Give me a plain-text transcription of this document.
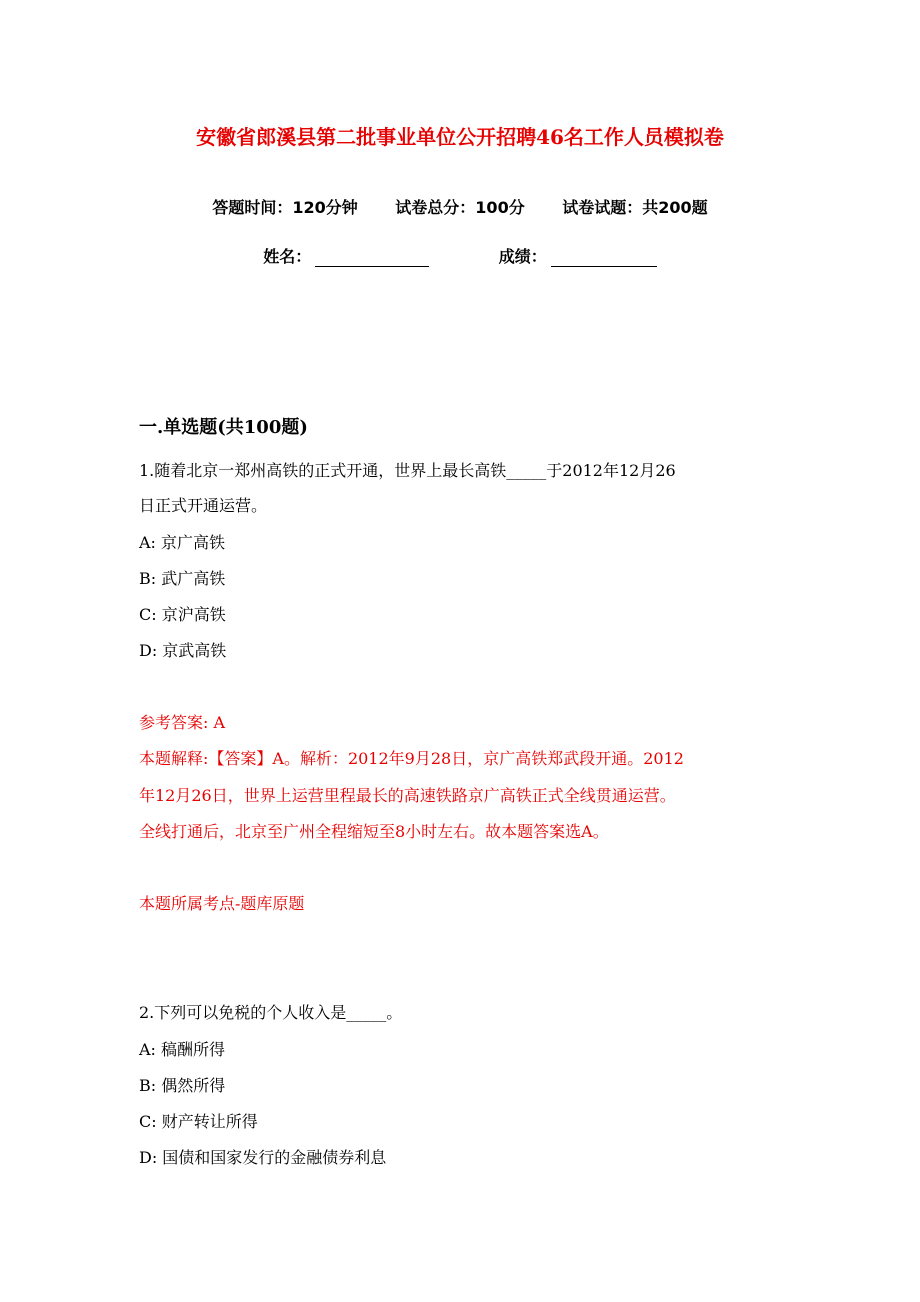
安徽省郎溪县第二批事业单位公开招聘46名工作人员模拟卷
答题时间：120分钟 试卷总分：100分 试卷试题：共200题
姓名：	成绩：
一.单选题(共100题)
1.随着北京一郑州高铁的正式开通，世界上最长高铁_____于2012年12月26
日正式开通运营。
A: 京广高铁
B: 武广高铁
C: 京沪高铁
D: 京武高铁
参考答案: A
本题解释:【答案】A。解析：2012年9月28日，京广高铁郑武段开通。2012
年12月26日，世界上运营里程最长的高速铁路京广高铁正式全线贯通运营。
全线打通后，北京至广州全程缩短至8小时左右。故本题答案选A。
本题所属考点-题库原题
2.下列可以免税的个人收入是_____。
A: 稿酬所得
B: 偶然所得
C: 财产转让所得
D: 国债和国家发行的金融债券利息
